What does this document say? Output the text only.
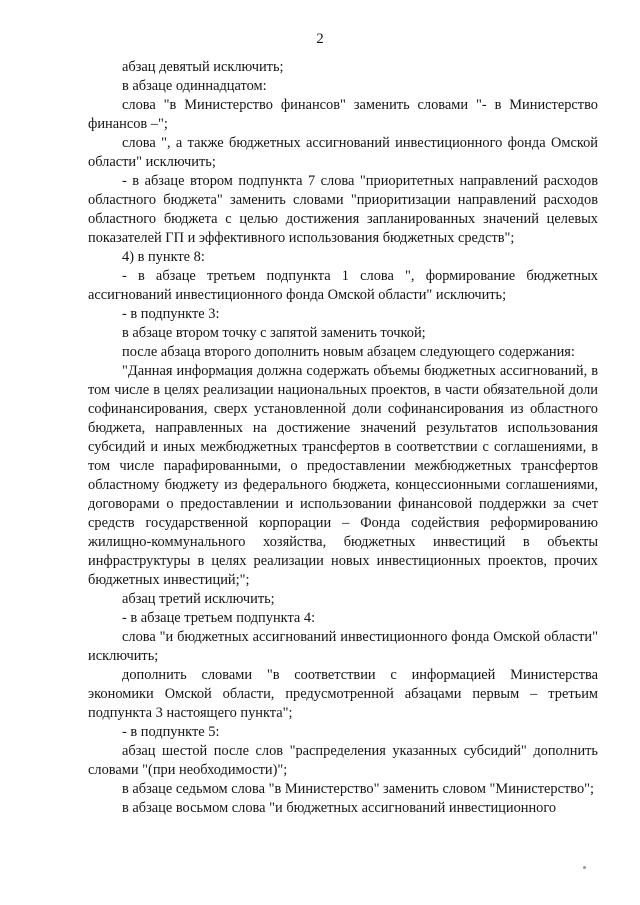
2

абзац девятый исключить;

в абзаце одиннадцатом:

слова "в Министерство финансов" заменить словами "- в Министерство финансов –";

слова ", а также бюджетных ассигнований инвестиционного фонда Омской области" исключить;

- в абзаце втором подпункта 7 слова "приоритетных направлений расходов областного бюджета" заменить словами "приоритизации направлений расходов областного бюджета с целью достижения запланированных значений целевых показателей ГП и эффективного использования бюджетных средств";

4) в пункте 8:

- в абзаце третьем подпункта 1 слова ", формирование бюджетных ассигнований инвестиционного фонда Омской области" исключить;

- в подпункте 3:

в абзаце втором точку с запятой заменить точкой;

после абзаца второго дополнить новым абзацем следующего содержания:

"Данная информация должна содержать объемы бюджетных ассигнований, в том числе в целях реализации национальных проектов, в части обязательной доли софинансирования, сверх установленной доли софинансирования из областного бюджета, направленных на достижение значений результатов использования субсидий и иных межбюджетных трансфертов в соответствии с соглашениями, в том числе парафированными, о предоставлении межбюджетных трансфертов областному бюджету из федерального бюджета, концессионными соглашениями, договорами о предоставлении и использовании финансовой поддержки за счет средств государственной корпорации – Фонда содействия реформированию жилищно-коммунального хозяйства, бюджетных инвестиций в объекты инфраструктуры в целях реализации новых инвестиционных проектов, прочих бюджетных инвестиций;";

абзац третий исключить;

- в абзаце третьем подпункта 4:

слова "и бюджетных ассигнований инвестиционного фонда Омской области" исключить;

дополнить словами "в соответствии с информацией Министерства экономики Омской области, предусмотренной абзацами первым – третьим подпункта 3 настоящего пункта";

- в подпункте 5:

абзац шестой после слов "распределения указанных субсидий" дополнить словами "(при необходимости)";

в абзаце седьмом слова "в Министерство" заменить словом "Министерство";

в абзаце восьмом слова "и бюджетных ассигнований инвестиционного
